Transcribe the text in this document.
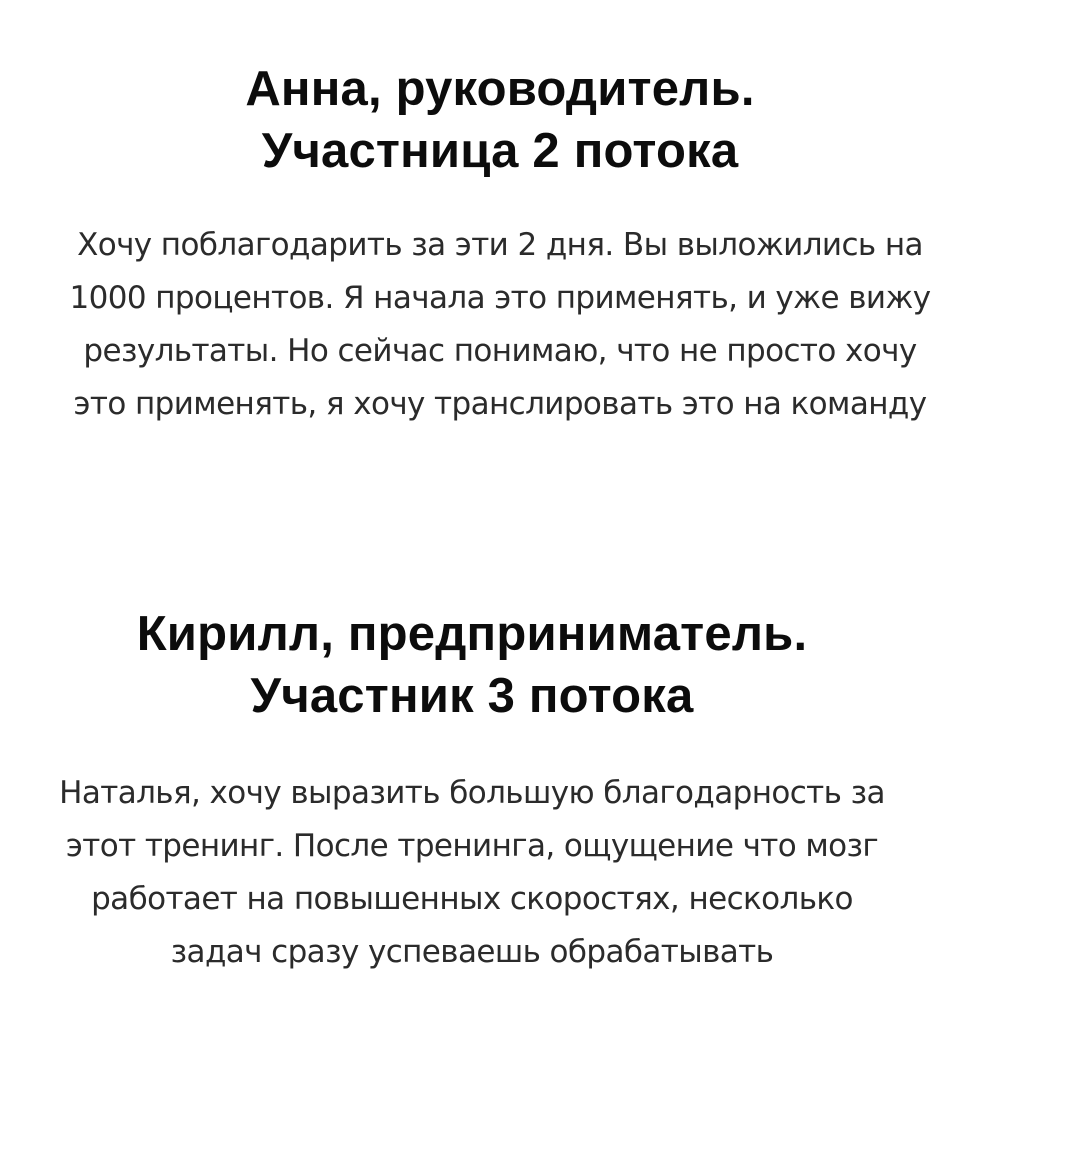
Анна, руководитель.
Участница 2 потока
Хочу поблагодарить за эти 2 дня. Вы выложились на
1000 процентов. Я начала это применять, и уже вижу
результаты. Но сейчас понимаю, что не просто хочу
это применять, я хочу транслировать это на команду
Кирилл, предприниматель.
Участник 3 потока
Наталья, хочу выразить большую благодарность за
этот тренинг. После тренинга, ощущение что мозг
работает на повышенных скоростях, несколько
задач сразу успеваешь обрабатывать
